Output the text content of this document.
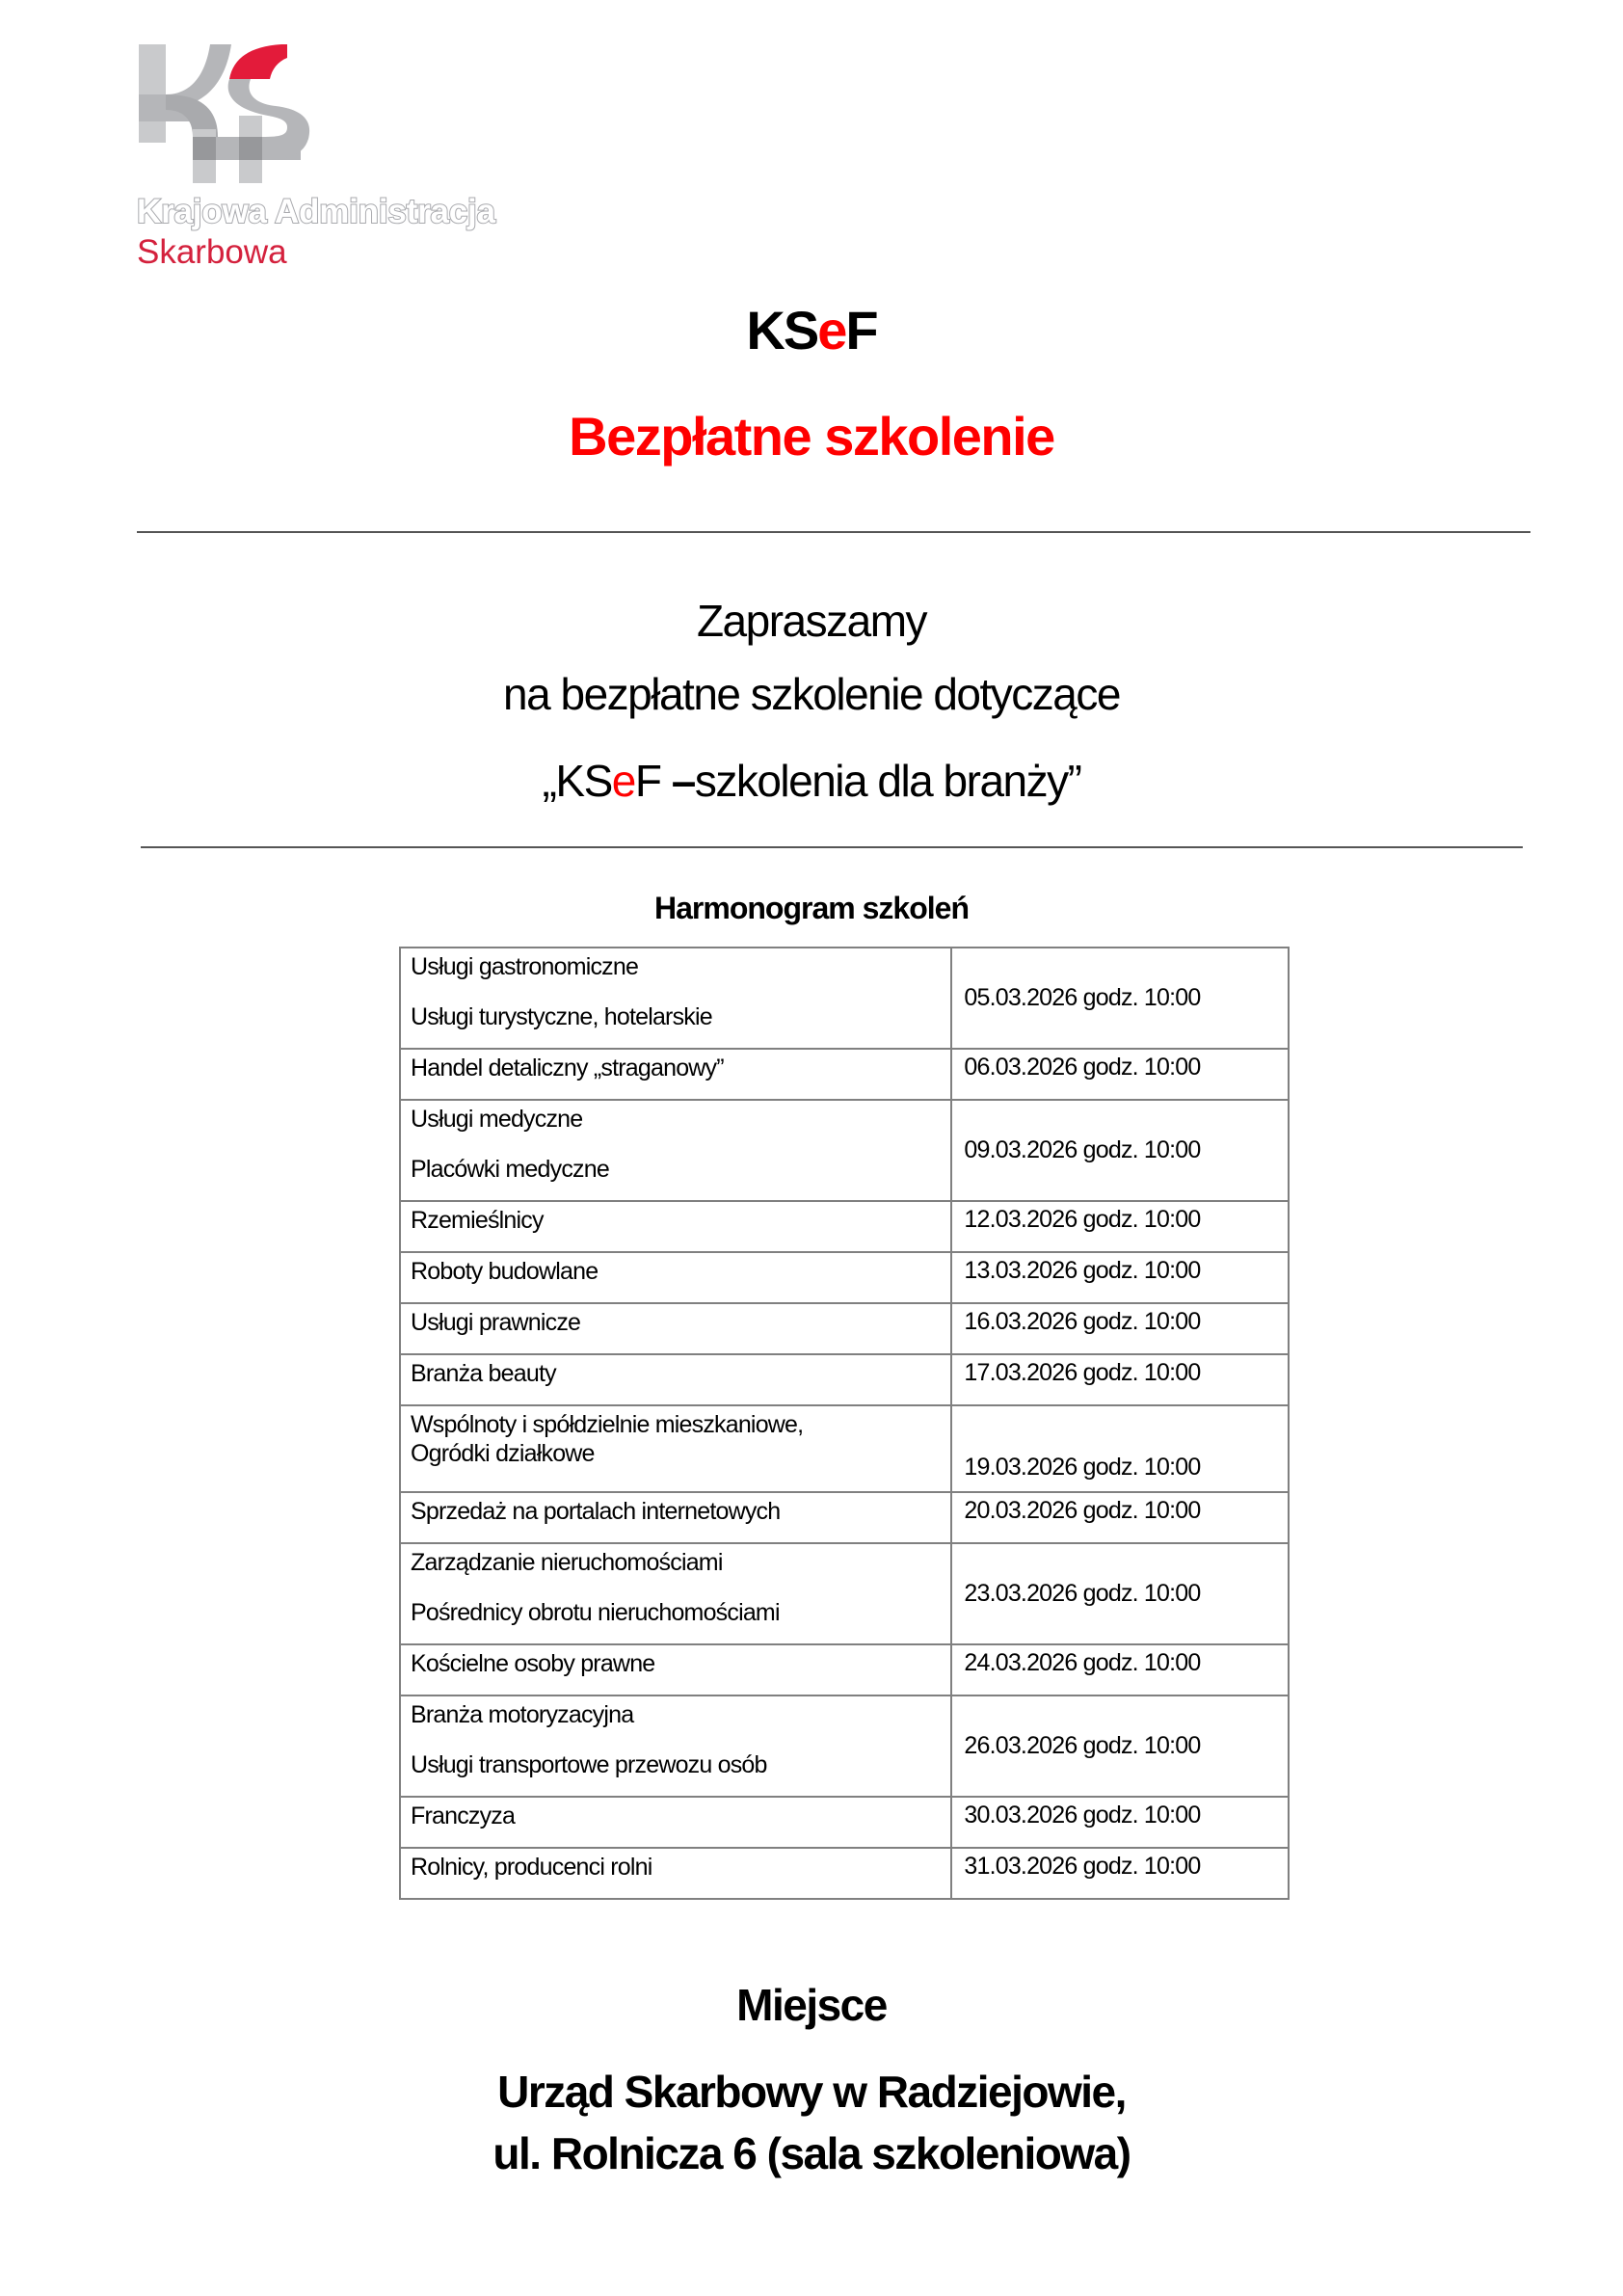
Krajowa Administracja
Skarbowa
KSeF
Bezpłatne szkolenie
Zapraszamy
na bezpłatne szkolenie dotyczące
„KSeF –szkolenia dla branży”
Harmonogram szkoleń
Usługi gastronomiczne
Usługi turystyczne, hotelarskie	05.03.2026 godz. 10:00

Handel detaliczny „straganowy”	06.03.2026 godz. 10:00

Usługi medyczne
Placówki medyczne	09.03.2026 godz. 10:00

Rzemieślnicy	12.03.2026 godz. 10:00

Roboty budowlane	13.03.2026 godz. 10:00

Usługi prawnicze	16.03.2026 godz. 10:00

Branża beauty	17.03.2026 godz. 10:00

Wspólnoty i spółdzielnie mieszkaniowe,
Ogródki działkowe	19.03.2026 godz. 10:00

Sprzedaż na portalach internetowych	20.03.2026 godz. 10:00

Zarządzanie nieruchomościami
Pośrednicy obrotu nieruchomościami	23.03.2026 godz. 10:00

Kościelne osoby prawne	24.03.2026 godz. 10:00

Branża motoryzacyjna
Usługi transportowe przewozu osób	26.03.2026 godz. 10:00

Franczyza	30.03.2026 godz. 10:00

Rolnicy, producenci rolni	31.03.2026 godz. 10:00
Miejsce
Urząd Skarbowy w Radziejowie,
ul. Rolnicza 6 (sala szkoleniowa)
